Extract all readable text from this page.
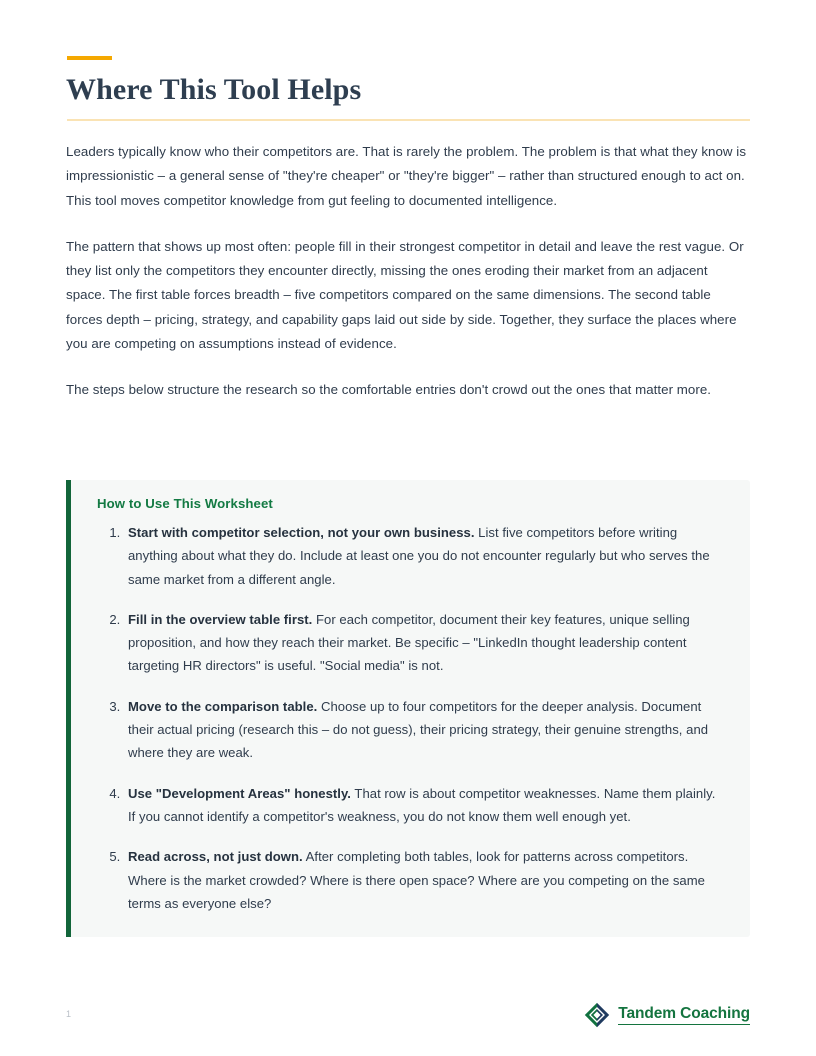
Where This Tool Helps

Leaders typically know who their competitors are. That is rarely the problem. The problem is that what they know is impressionistic – a general sense of "they're cheaper" or "they're bigger" – rather than structured enough to act on. This tool moves competitor knowledge from gut feeling to documented intelligence.

The pattern that shows up most often: people fill in their strongest competitor in detail and leave the rest vague. Or they list only the competitors they encounter directly, missing the ones eroding their market from an adjacent space. The first table forces breadth – five competitors compared on the same dimensions. The second table forces depth – pricing, strategy, and capability gaps laid out side by side. Together, they surface the places where you are competing on assumptions instead of evidence.

The steps below structure the research so the comfortable entries don't crowd out the ones that matter more.

How to Use This Worksheet
1. Start with competitor selection, not your own business. List five competitors before writing anything about what they do. Include at least one you do not encounter regularly but who serves the same market from a different angle.
2. Fill in the overview table first. For each competitor, document their key features, unique selling proposition, and how they reach their market. Be specific – "LinkedIn thought leadership content targeting HR directors" is useful. "Social media" is not.
3. Move to the comparison table. Choose up to four competitors for the deeper analysis. Document their actual pricing (research this – do not guess), their pricing strategy, their genuine strengths, and where they are weak.
4. Use "Development Areas" honestly. That row is about competitor weaknesses. Name them plainly. If you cannot identify a competitor's weakness, you do not know them well enough yet.
5. Read across, not just down. After completing both tables, look for patterns across competitors. Where is the market crowded? Where is there open space? Where are you competing on the same terms as everyone else?
1	Tandem Coaching
